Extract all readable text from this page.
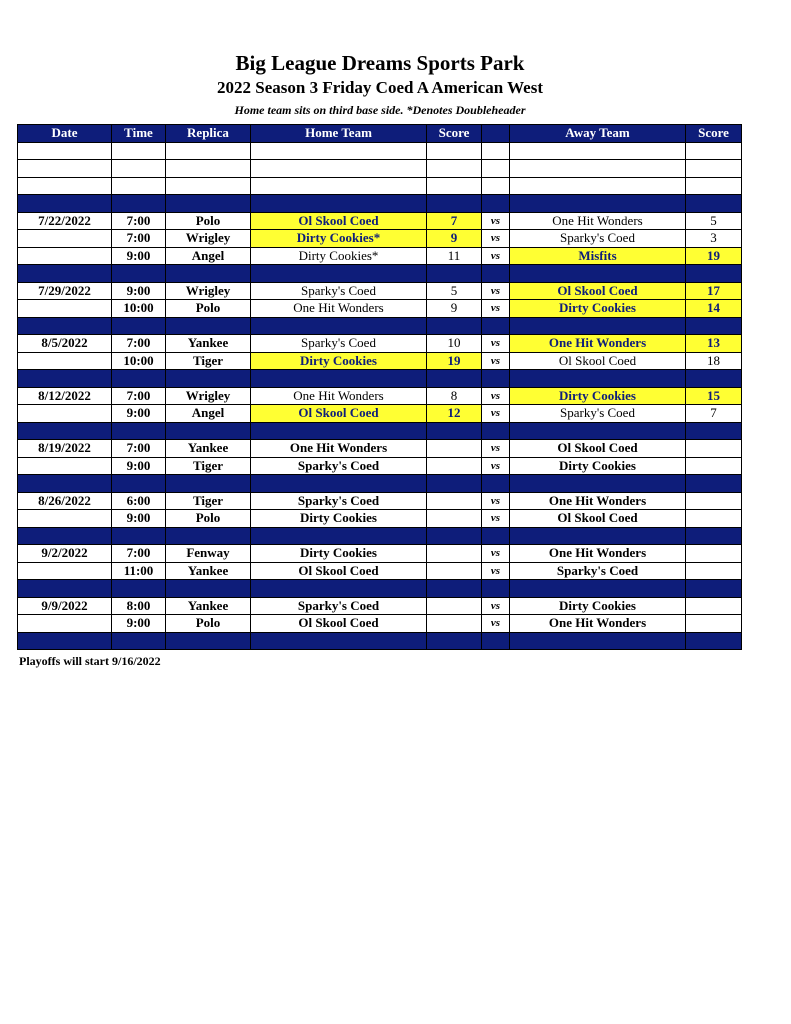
Big League Dreams Sports Park
2022 Season 3 Friday Coed A American West
Home team sits on third base side. *Denotes Doubleheader
Date	Time	Replica	Home Team	Score		Away Team	Score

7/22/2022	7:00	Polo	Ol Skool Coed	7	vs	One Hit Wonders	5
	7:00	Wrigley	Dirty Cookies*	9	vs	Sparky's Coed	3
	9:00	Angel	Dirty Cookies*	11	vs	Misfits	19

7/29/2022	9:00	Wrigley	Sparky's Coed	5	vs	Ol Skool Coed	17
	10:00	Polo	One Hit Wonders	9	vs	Dirty Cookies	14

8/5/2022	7:00	Yankee	Sparky's Coed	10	vs	One Hit Wonders	13
	10:00	Tiger	Dirty Cookies	19	vs	Ol Skool Coed	18

8/12/2022	7:00	Wrigley	One Hit Wonders	8	vs	Dirty Cookies	15
	9:00	Angel	Ol Skool Coed	12	vs	Sparky's Coed	7

8/19/2022	7:00	Yankee	One Hit Wonders		vs	Ol Skool Coed	
	9:00	Tiger	Sparky's Coed		vs	Dirty Cookies	

8/26/2022	6:00	Tiger	Sparky's Coed		vs	One Hit Wonders	
	9:00	Polo	Dirty Cookies		vs	Ol Skool Coed	

9/2/2022	7:00	Fenway	Dirty Cookies		vs	One Hit Wonders	
	11:00	Yankee	Ol Skool Coed		vs	Sparky's Coed	

9/9/2022	8:00	Yankee	Sparky's Coed		vs	Dirty Cookies	
	9:00	Polo	Ol Skool Coed		vs	One Hit Wonders	

Playoffs will start 9/16/2022
